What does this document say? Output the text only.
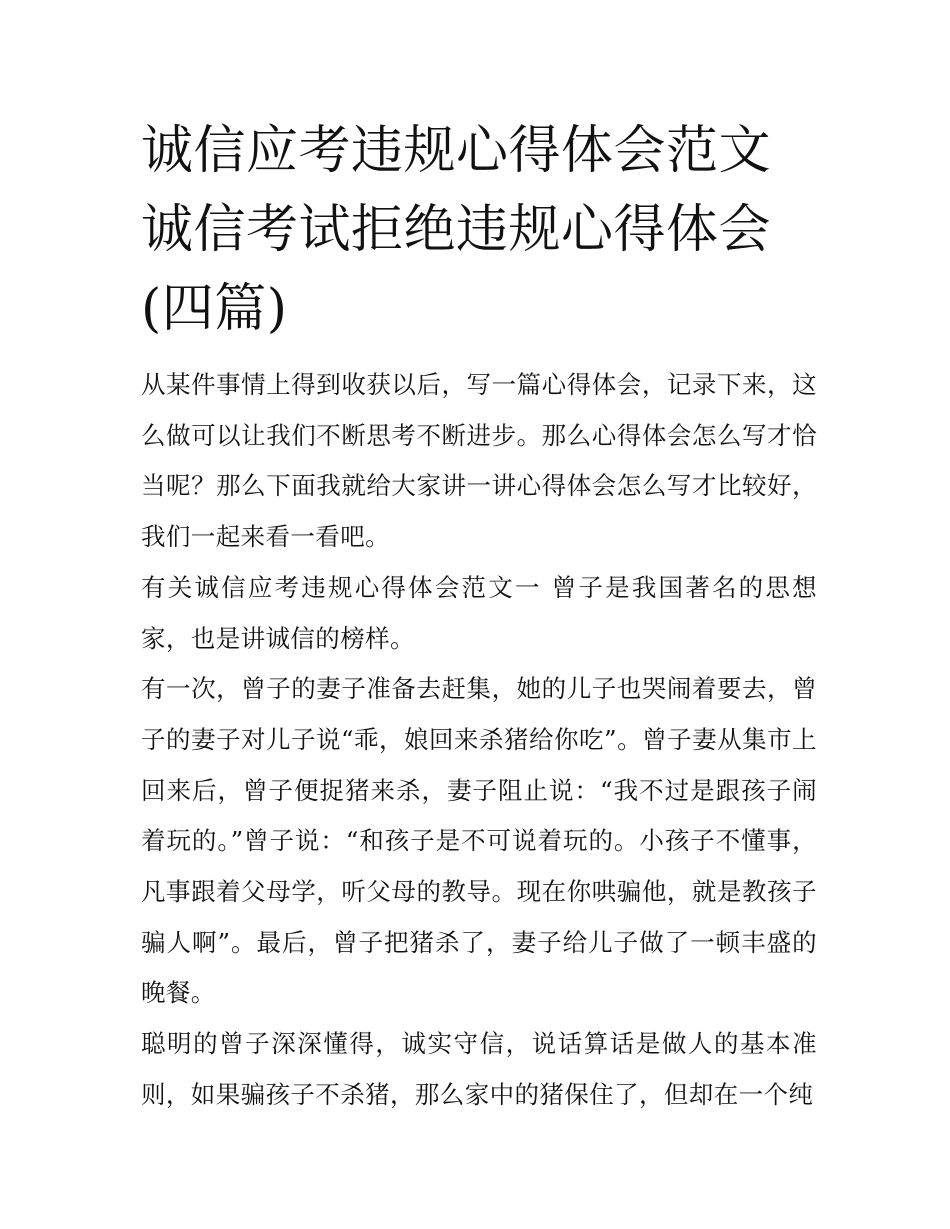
诚信应考违规心得体会范文 诚信考试拒绝违规心得体会(四篇)

从某件事情上得到收获以后，写一篇心得体会，记录下来，这么做可以让我们不断思考不断进步。那么心得体会怎么写才恰当呢？那么下面我就给大家讲一讲心得体会怎么写才比较好，我们一起来看一看吧。

有关诚信应考违规心得体会范文一 曾子是我国著名的思想家，也是讲诚信的榜样。

有一次，曾子的妻子准备去赶集，她的儿子也哭闹着要去，曾子的妻子对儿子说“乖，娘回来杀猪给你吃”。曾子妻从集市上回来后，曾子便捉猪来杀，妻子阻止说：“我不过是跟孩子闹着玩的。”曾子说：“和孩子是不可说着玩的。小孩子不懂事，凡事跟着父母学，听父母的教导。现在你哄骗他，就是教孩子骗人啊”。最后，曾子把猪杀了，妻子给儿子做了一顿丰盛的晚餐。

聪明的曾子深深懂得，诚实守信，说话算话是做人的基本准则，如果骗孩子不杀猪，那么家中的猪保住了，但却在一个纯
